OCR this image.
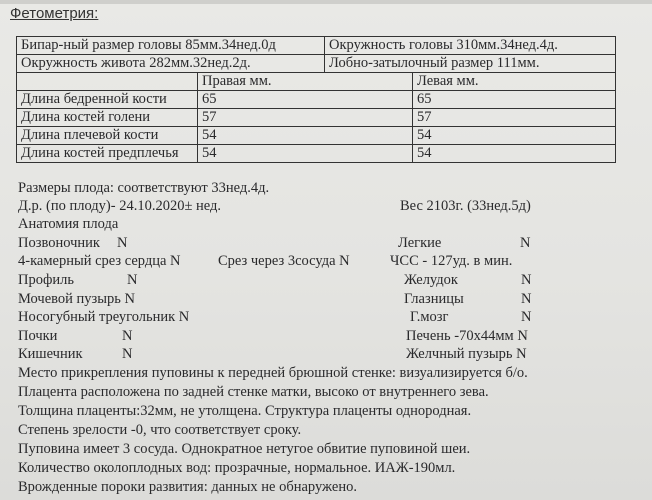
Фетометрия:
Бипар-ный размер головы 85мм.34нед.0д	Окружность головы 310мм.34нед.4д.
Окружность живота 282мм.32нед.2д.	Лобно-затылочный размер 111мм.
	Правая мм.	Левая мм.
Длина бедренной кости	65	65
Длина костей голени	57	57
Длина плечевой кости	54	54
Длина костей предплечья	54	54
Размеры плода: соответствуют 33нед.4д.
Д.р. (по плоду)- 24.10.2020± нед.	Вес 2103г. (33нед.5д)
Анатомия плода
Позвоночник N	Легкие	N
4-камерный срез сердца N	Срез через 3сосуда N	ЧСС - 127уд. в мин.
Профиль	N	Желудок	N
Мочевой пузырь N	Глазницы	N
Носогубный треугольник N	Г.мозг	N
Почки	N	Печень -70х44мм N
Кишечник	N	Желчный пузырь N
Место прикрепления пуповины к передней брюшной стенке: визуализируется б/о.
Плацента расположена по задней стенке матки, высоко от внутреннего зева.
Толщина плаценты:32мм, не утолщена. Структура плаценты однородная.
Степень зрелости -0, что соответствует сроку.
Пуповина имеет 3 сосуда. Однократное нетугое обвитие пуповиной шеи.
Количество околоплодных вод: прозрачные, нормальное. ИАЖ-190мл.
Врожденные пороки развития: данных не обнаружено.
